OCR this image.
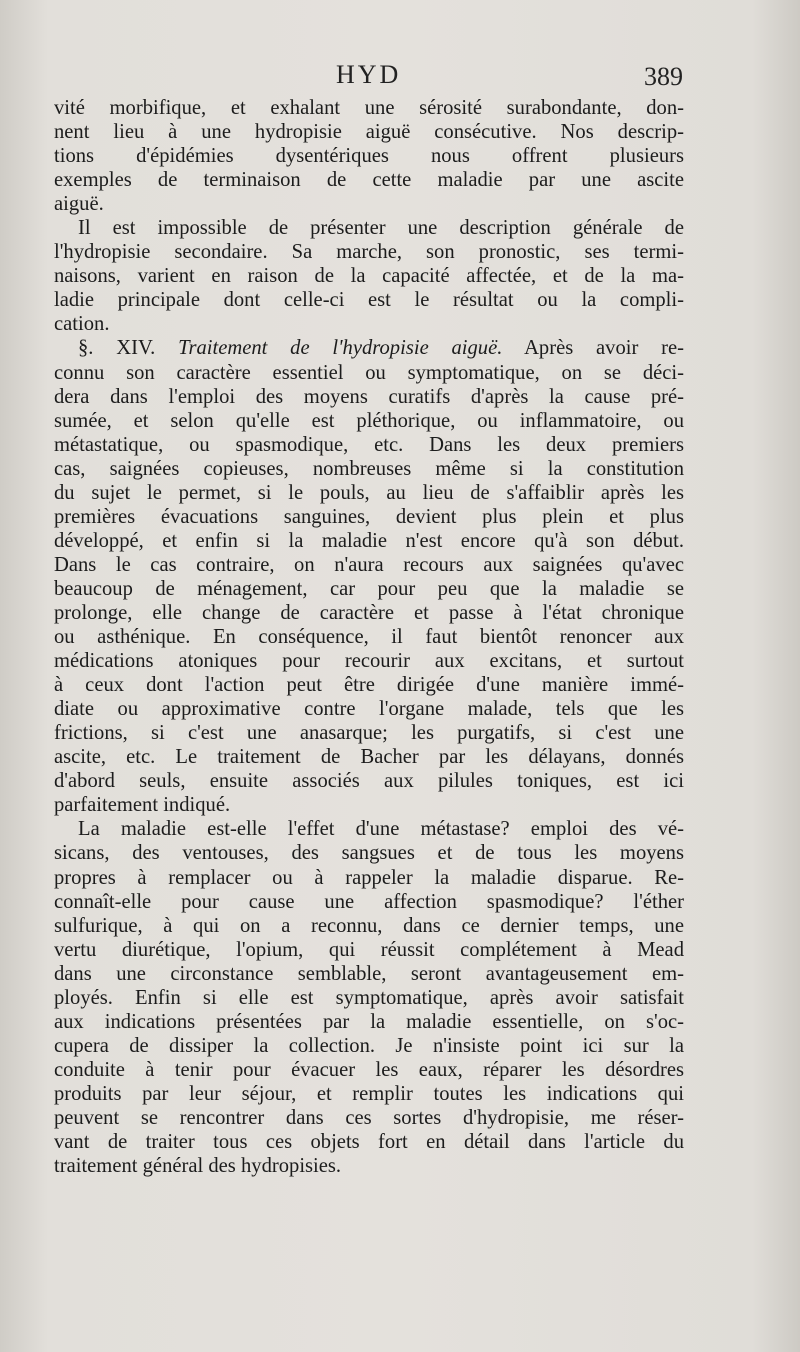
HYD	389
vité morbifique, et exhalant une sérosité surabondante, don-
nent lieu à une hydropisie aiguë consécutive. Nos descrip-
tions d'épidémies dysentériques nous offrent plusieurs
exemples de terminaison de cette maladie par une ascite
aiguë.
Il est impossible de présenter une description générale de
l'hydropisie secondaire. Sa marche, son pronostic, ses termi-
naisons, varient en raison de la capacité affectée, et de la ma-
ladie principale dont celle-ci est le résultat ou la compli-
cation.
§. XIV. Traitement de l'hydropisie aiguë. Après avoir re-
connu son caractère essentiel ou symptomatique, on se déci-
dera dans l'emploi des moyens curatifs d'après la cause pré-
sumée, et selon qu'elle est pléthorique, ou inflammatoire, ou
métastatique, ou spasmodique, etc. Dans les deux premiers
cas, saignées copieuses, nombreuses même si la constitution
du sujet le permet, si le pouls, au lieu de s'affaiblir après les
premières évacuations sanguines, devient plus plein et plus
développé, et enfin si la maladie n'est encore qu'à son début.
Dans le cas contraire, on n'aura recours aux saignées qu'avec
beaucoup de ménagement, car pour peu que la maladie se
prolonge, elle change de caractère et passe à l'état chronique
ou asthénique. En conséquence, il faut bientôt renoncer aux
médications atoniques pour recourir aux excitans, et surtout
à ceux dont l'action peut être dirigée d'une manière immé-
diate ou approximative contre l'organe malade, tels que les
frictions, si c'est une anasarque; les purgatifs, si c'est une
ascite, etc. Le traitement de Bacher par les délayans, donnés
d'abord seuls, ensuite associés aux pilules toniques, est ici
parfaitement indiqué.
La maladie est-elle l'effet d'une métastase? emploi des vé-
sicans, des ventouses, des sangsues et de tous les moyens
propres à remplacer ou à rappeler la maladie disparue. Re-
connaît-elle pour cause une affection spasmodique? l'éther
sulfurique, à qui on a reconnu, dans ce dernier temps, une
vertu diurétique, l'opium, qui réussit complétement à Mead
dans une circonstance semblable, seront avantageusement em-
ployés. Enfin si elle est symptomatique, après avoir satisfait
aux indications présentées par la maladie essentielle, on s'oc-
cupera de dissiper la collection. Je n'insiste point ici sur la
conduite à tenir pour évacuer les eaux, réparer les désordres
produits par leur séjour, et remplir toutes les indications qui
peuvent se rencontrer dans ces sortes d'hydropisie, me réser-
vant de traiter tous ces objets fort en détail dans l'article du
traitement général des hydropisies.
